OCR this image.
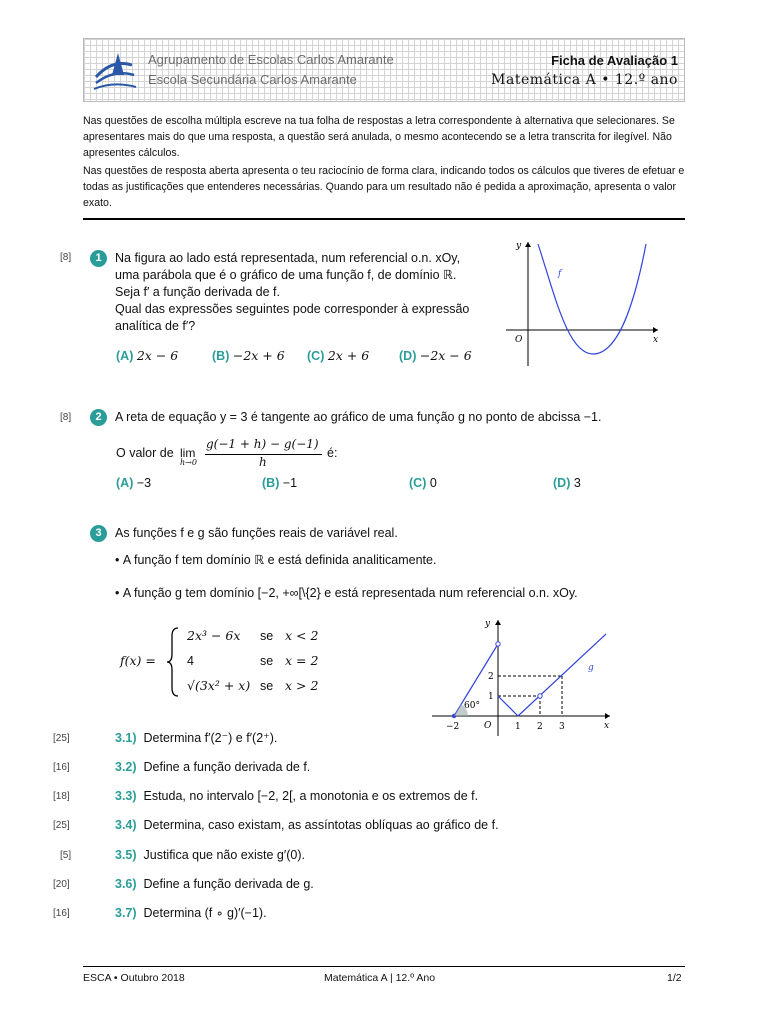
Agrupamento de Escolas Carlos Amarante
Escola Secundária Carlos Amarante
Ficha de Avaliação 1
Matemática A • 12.º ano
Nas questões de escolha múltipla escreve na tua folha de respostas a letra correspondente à alternativa que selecionares. Se apresentares mais do que uma resposta, a questão será anulada, o mesmo acontecendo se a letra transcrita for ilegível. Não apresentes cálculos.
Nas questões de resposta aberta apresenta o teu raciocínio de forma clara, indicando todos os cálculos que tiveres de efetuar e todas as justificações que entenderes necessárias. Quando para um resultado não é pedida a aproximação, apresenta o valor exato.
[8]	1	Na figura ao lado está representada, num referencial o.n. xOy,
uma parábola que é o gráfico de uma função f, de domínio ℝ.
Seja f′ a função derivada de f.
Qual das expressões seguintes pode corresponder à expressão
analítica de f′?
(A) 2x − 6	(B) −2x + 6 (C) 2x + 6 (D) −2x − 6
y
x
O
f
[8]	2	A reta de equação y = 3 é tangente ao gráfico de uma função g no ponto de abcissa −1.
O valor de lim
h→0
g(−1 + h) − g(−1)
h
é:
(A) −3	(B) −1	(C) 0	(D) 3
3	As funções f e g são funções reais de variável real.
• A função f tem domínio ℝ e está definida analiticamente.
• A função g tem domínio [−2, +∞[\{2} e está representada num referencial o.n. xOy.
f(x) =
2x³ − 6x se x < 2
4	se x = 2
√(3x² + x) se x > 2
60°
y
x
O
g
−2	1 2 3
1
2
[25]	3.1) Determina f′(2⁻) e f′(2⁺).
[16]	3.2) Define a função derivada de f.
[18]	3.3) Estuda, no intervalo [−2, 2[, a monotonia e os extremos de f.
[25]	3.4) Determina, caso existam, as assíntotas oblíquas ao gráfico de f.
[5]	3.5) Justifica que não existe g′(0).
[20]	3.6) Define a função derivada de g.
[16]	3.7) Determina (f ∘ g)′(−1).
ESCA • Outubro 2018	Matemática A | 12.º Ano	1/2
